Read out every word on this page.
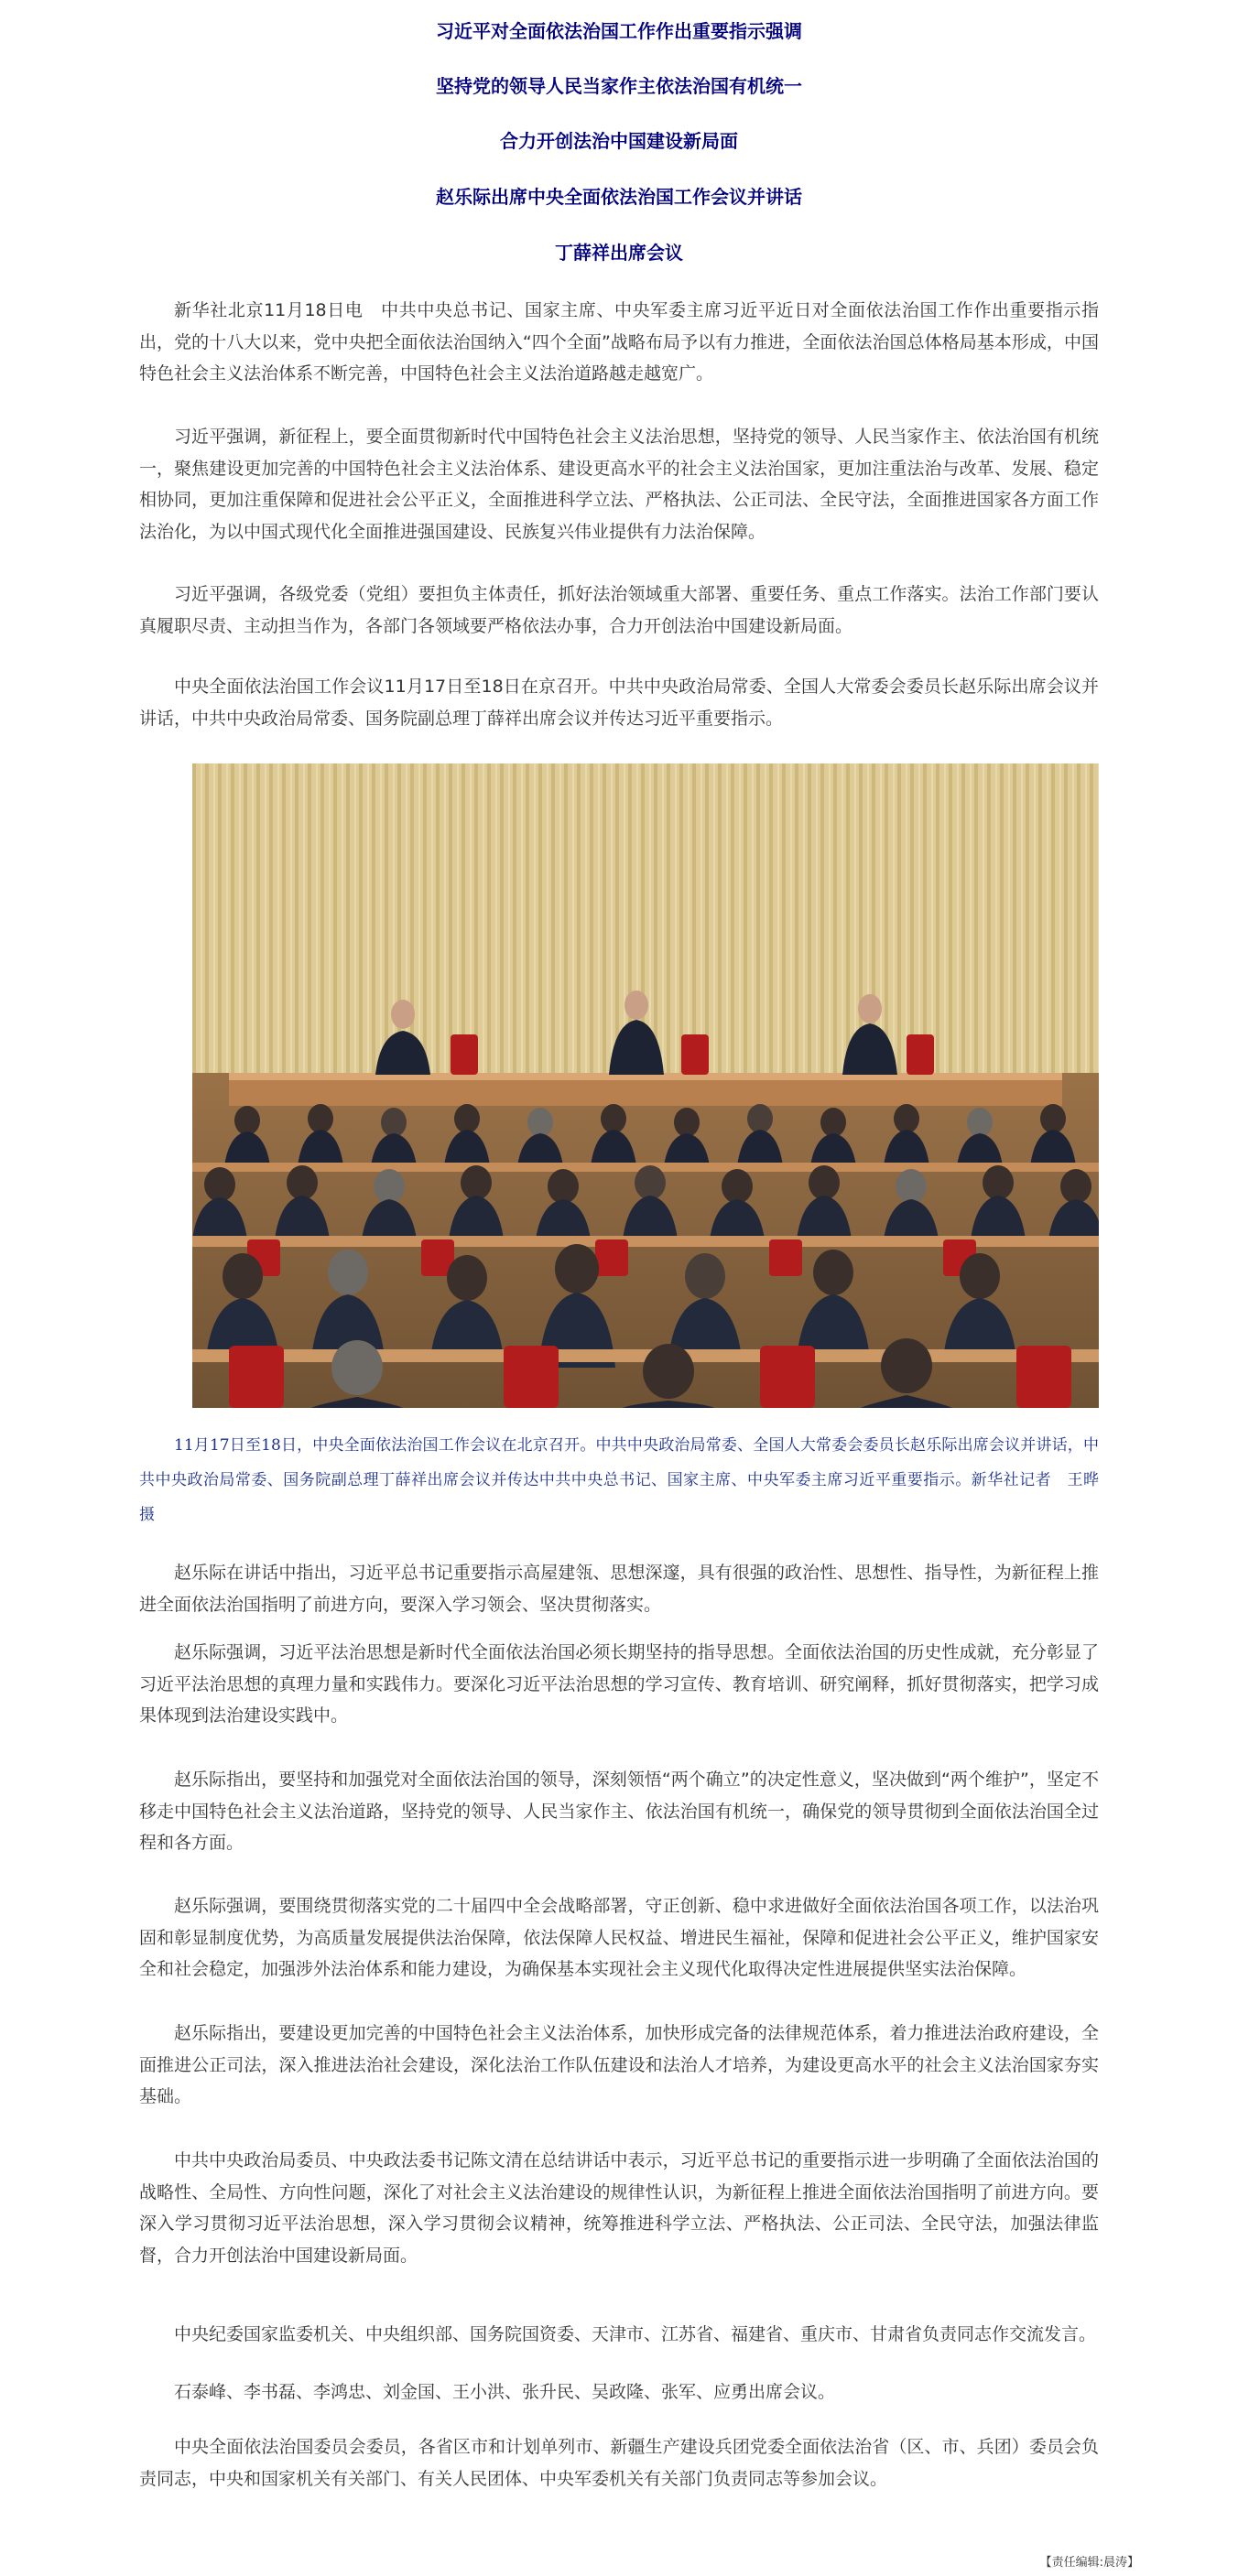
习近平对全面依法治国工作作出重要指示强调
坚持党的领导人民当家作主依法治国有机统一
合力开创法治中国建设新局面
赵乐际出席中央全面依法治国工作会议并讲话
丁薛祥出席会议

新华社北京11月18日电　中共中央总书记、国家主席、中央军委主席习近平近日对全面依法治国工作作出重要指示指出，党的十八大以来，党中央把全面依法治国纳入“四个全面”战略布局予以有力推进，全面依法治国总体格局基本形成，中国特色社会主义法治体系不断完善，中国特色社会主义法治道路越走越宽广。

习近平强调，新征程上，要全面贯彻新时代中国特色社会主义法治思想，坚持党的领导、人民当家作主、依法治国有机统一，聚焦建设更加完善的中国特色社会主义法治体系、建设更高水平的社会主义法治国家，更加注重法治与改革、发展、稳定相协同，更加注重保障和促进社会公平正义，全面推进科学立法、严格执法、公正司法、全民守法，全面推进国家各方面工作法治化，为以中国式现代化全面推进强国建设、民族复兴伟业提供有力法治保障。

习近平强调，各级党委（党组）要担负主体责任，抓好法治领域重大部署、重要任务、重点工作落实。法治工作部门要认真履职尽责、主动担当作为，各部门各领域要严格依法办事，合力开创法治中国建设新局面。

中央全面依法治国工作会议11月17日至18日在京召开。中共中央政治局常委、全国人大常委会委员长赵乐际出席会议并讲话，中共中央政治局常委、国务院副总理丁薛祥出席会议并传达习近平重要指示。

11月17日至18日，中央全面依法治国工作会议在北京召开。中共中央政治局常委、全国人大常委会委员长赵乐际出席会议并讲话，中共中央政治局常委、国务院副总理丁薛祥出席会议并传达中共中央总书记、国家主席、中央军委主席习近平重要指示。新华社记者　王晔　摄

赵乐际在讲话中指出，习近平总书记重要指示高屋建瓴、思想深邃，具有很强的政治性、思想性、指导性，为新征程上推进全面依法治国指明了前进方向，要深入学习领会、坚决贯彻落实。

赵乐际强调，习近平法治思想是新时代全面依法治国必须长期坚持的指导思想。全面依法治国的历史性成就，充分彰显了习近平法治思想的真理力量和实践伟力。要深化习近平法治思想的学习宣传、教育培训、研究阐释，抓好贯彻落实，把学习成果体现到法治建设实践中。

赵乐际指出，要坚持和加强党对全面依法治国的领导，深刻领悟“两个确立”的决定性意义，坚决做到“两个维护”，坚定不移走中国特色社会主义法治道路，坚持党的领导、人民当家作主、依法治国有机统一，确保党的领导贯彻到全面依法治国全过程和各方面。

赵乐际强调，要围绕贯彻落实党的二十届四中全会战略部署，守正创新、稳中求进做好全面依法治国各项工作，以法治巩固和彰显制度优势，为高质量发展提供法治保障，依法保障人民权益、增进民生福祉，保障和促进社会公平正义，维护国家安全和社会稳定，加强涉外法治体系和能力建设，为确保基本实现社会主义现代化取得决定性进展提供坚实法治保障。

赵乐际指出，要建设更加完善的中国特色社会主义法治体系，加快形成完备的法律规范体系，着力推进法治政府建设，全面推进公正司法，深入推进法治社会建设，深化法治工作队伍建设和法治人才培养，为建设更高水平的社会主义法治国家夯实基础。

中共中央政治局委员、中央政法委书记陈文清在总结讲话中表示，习近平总书记的重要指示进一步明确了全面依法治国的战略性、全局性、方向性问题，深化了对社会主义法治建设的规律性认识，为新征程上推进全面依法治国指明了前进方向。要深入学习贯彻习近平法治思想，深入学习贯彻会议精神，统筹推进科学立法、严格执法、公正司法、全民守法，加强法律监督，合力开创法治中国建设新局面。

中央纪委国家监委机关、中央组织部、国务院国资委、天津市、江苏省、福建省、重庆市、甘肃省负责同志作交流发言。

石泰峰、李书磊、李鸿忠、刘金国、王小洪、张升民、吴政隆、张军、应勇出席会议。

中央全面依法治国委员会委员，各省区市和计划单列市、新疆生产建设兵团党委全面依法治省（区、市、兵团）委员会负责同志，中央和国家机关有关部门、有关人民团体、中央军委机关有关部门负责同志等参加会议。

【责任编辑:晨涛】
